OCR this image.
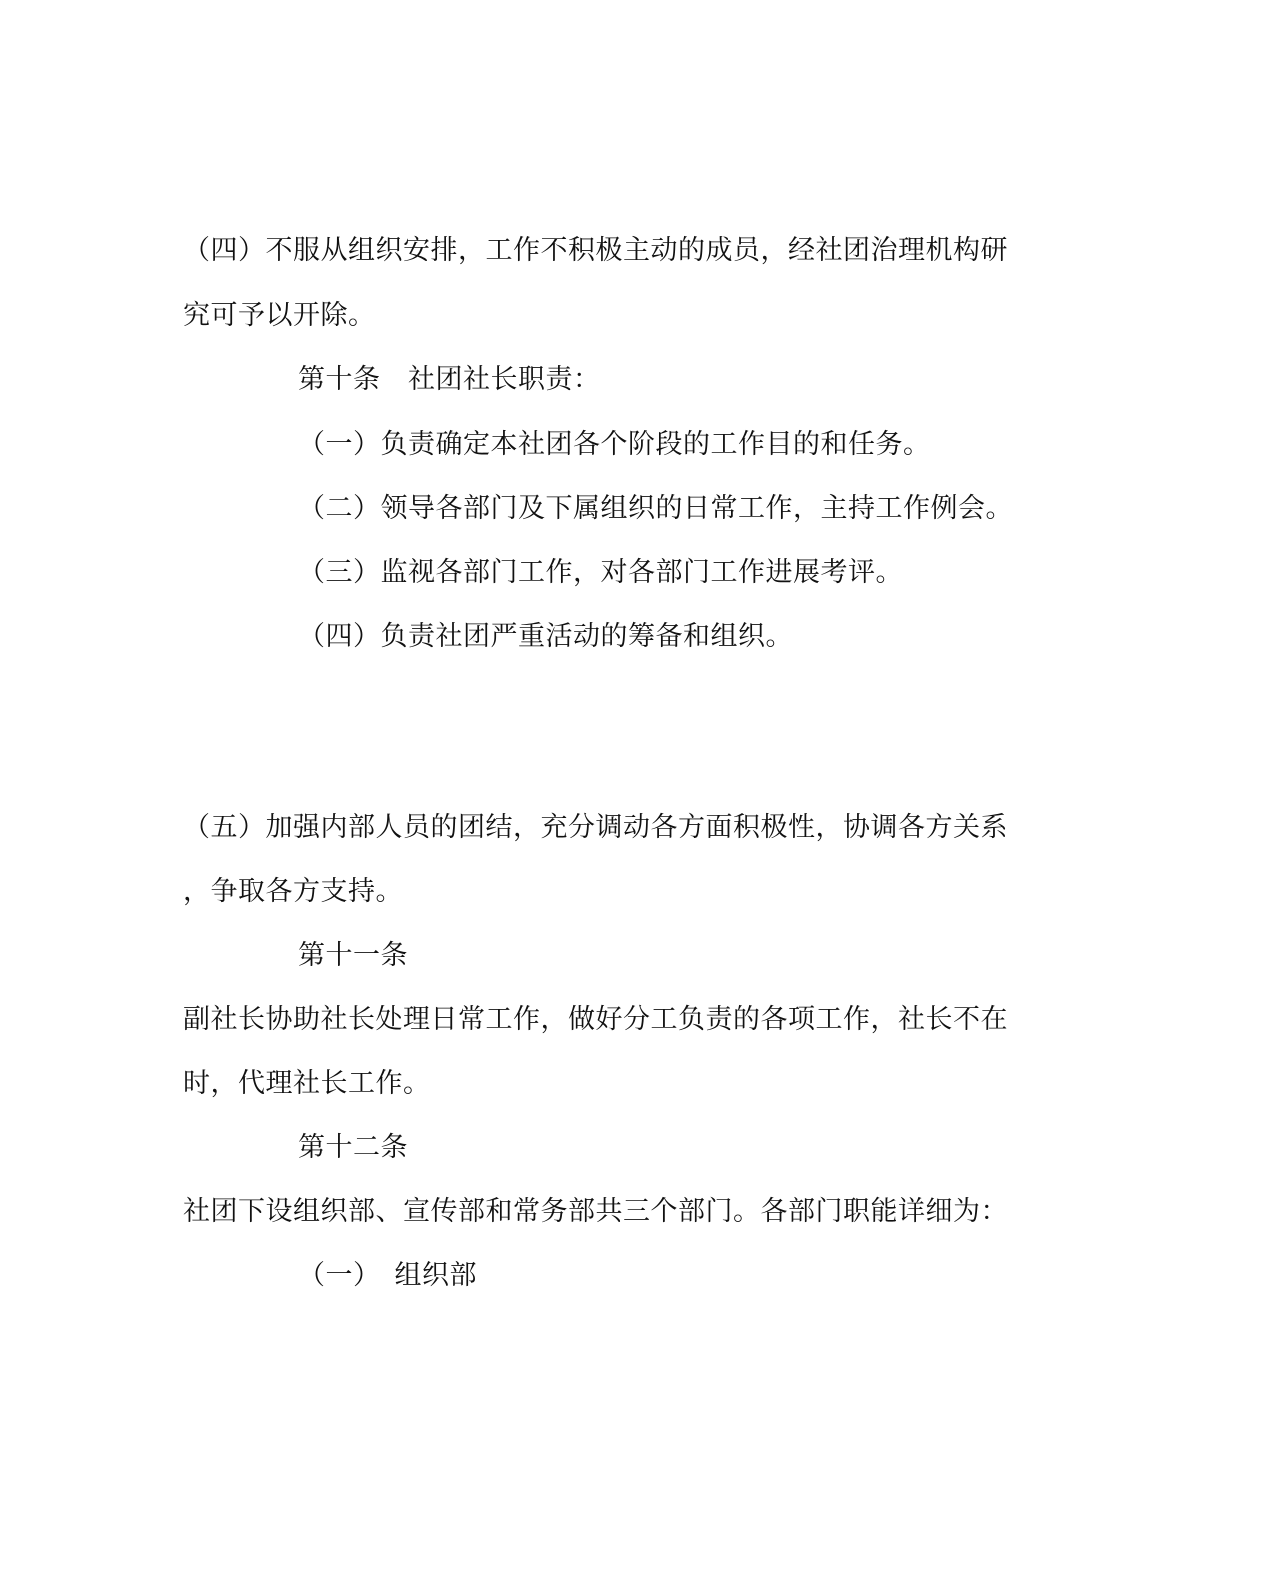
（四）不服从组织安排，工作不积极主动的成员，经社团治理机构研
究可予以开除。
第十条　社团社长职责：
（一）负责确定本社团各个阶段的工作目的和任务。
（二）领导各部门及下属组织的日常工作，主持工作例会。
（三）监视各部门工作，对各部门工作进展考评。
（四）负责社团严重活动的筹备和组织。
（五）加强内部人员的团结，充分调动各方面积极性，协调各方关系
，争取各方支持。
第十一条
副社长协助社长处理日常工作，做好分工负责的各项工作，社长不在
时，代理社长工作。
第十二条
社团下设组织部、宣传部和常务部共三个部门。各部门职能详细为：
（一）　组织部
